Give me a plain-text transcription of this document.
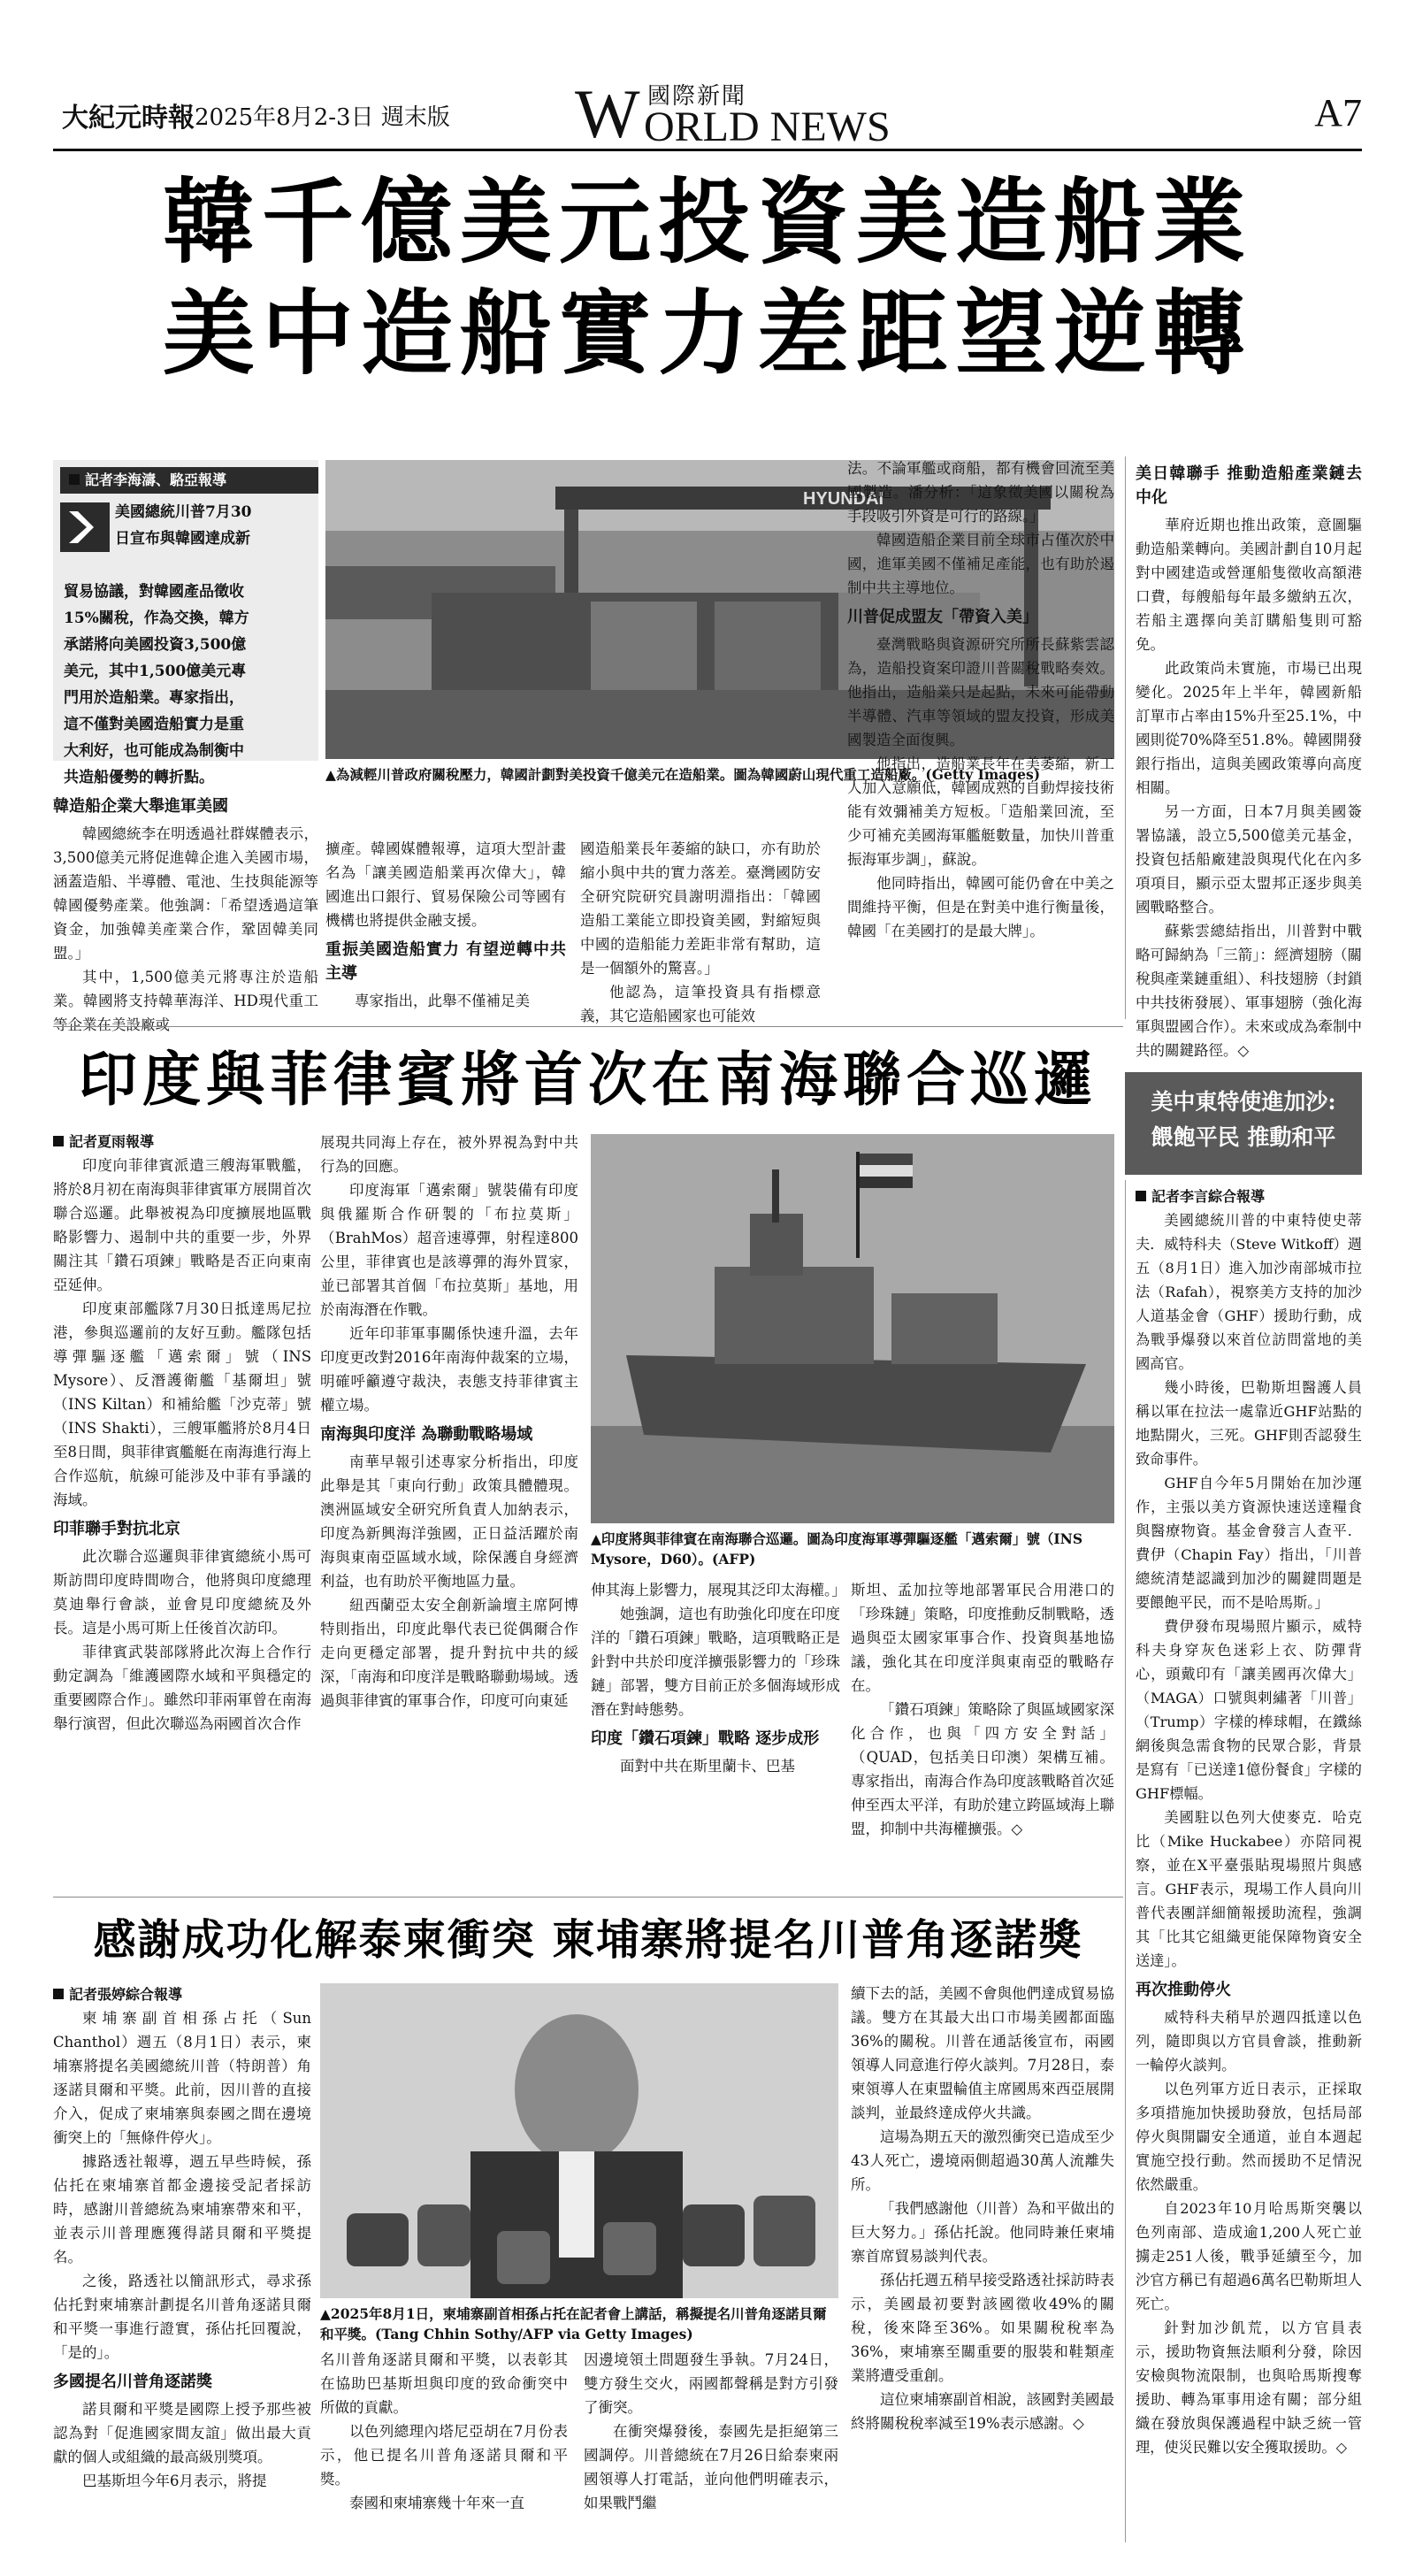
大紀元時報 2025年8月2-3日 週末版 W 國際新聞
ORLD NEWS	A7
韓千億美元投資美造船業
美中造船實力差距望逆轉
記者李海濤、駱亞報導
美國總統川普7月30
日宣布與韓國達成新
貿易協議，對韓國產品徵收
15%關稅，作為交換，韓方
承諾將向美國投資3,500億
美元，其中1,500億美元專
門用於造船業。專家指出，
這不僅對美國造船實力是重
大利好，也可能成為制衡中
共造船優勢的轉折點。
HYUNDAI
▲為減輕川普政府關稅壓力，韓國計劃對美投資千億美元在造船業。圖為韓國蔚山現代重工造船廠。(Getty Images)
韓造船企業大舉進軍美國

韓國總統李在明透過社群媒體表示，3,500億美元將促進韓企進入美國市場，涵蓋造船、半導體、電池、生技與能源等韓國優勢產業。他強調：「希望透過這筆資金，加強韓美產業合作，鞏固韓美同盟。」

其中，1,500億美元將專注於造船業。韓國將支持韓華海洋、HD現代重工等企業在美設廠或

擴產。韓國媒體報導，這項大型計畫名為「讓美國造船業再次偉大」，韓國進出口銀行、貿易保險公司等國有機構也將提供金融支援。

重振美國造船實力 有望逆轉中共主導

專家指出，此舉不僅補足美

國造船業長年萎縮的缺口，亦有助於縮小與中共的實力落差。臺灣國防安全研究院研究員謝明淵指出：「韓國造船工業能立即投資美國，對縮短與中國的造船能力差距非常有幫助，這是一個額外的驚喜。」

他認為，這筆投資具有指標意義，其它造船國家也可能效

法。不論軍艦或商船，都有機會回流至美國製造。潘分析：「這象徵美國以關稅為手段吸引外資是可行的路線。」

韓國造船企業目前全球市占僅次於中國，進軍美國不僅補足產能，也有助於遏制中共主導地位。

川普促成盟友「帶資入美」

臺灣戰略與資源研究所所長蘇紫雲認為，造船投資案印證川普關稅戰略奏效。他指出，造船業只是起點，未來可能帶動半導體、汽車等領域的盟友投資，形成美國製造全面復興。

他指出，造船業長年在美萎縮，新工人加入意願低，韓國成熟的自動焊接技術能有效彌補美方短板。「造船業回流，至少可補充美國海軍艦艇數量，加快川普重振海軍步調」，蘇說。

他同時指出，韓國可能仍會在中美之間維持平衡，但是在對美中進行衡量後，韓國「在美國打的是最大牌」。

美日韓聯手 推動造船產業鏈去中化

華府近期也推出政策，意圖驅動造船業轉向。美國計劃自10月起對中國建造或營運船隻徵收高額港口費，每艘船每年最多繳納五次，若船主選擇向美訂購船隻則可豁免。

此政策尚未實施，市場已出現變化。2025年上半年，韓國新船訂單市占率由15%升至25.1%，中國則從70%降至51.8%。韓國開發銀行指出，這與美國政策導向高度相關。

另一方面，日本7月與美國簽署協議，設立5,500億美元基金，投資包括船廠建設與現代化在內多項項目，顯示亞太盟邦正逐步與美國戰略整合。

蘇紫雲總結指出，川普對中戰略可歸納為「三箭」：經濟翅膀（關稅與產業鏈重組）、科技翅膀（封鎖中共技術發展）、軍事翅膀（強化海軍與盟國合作）。未來或成為牽制中共的關鍵路徑。◇

印度與菲律賓將首次在南海聯合巡邏
記者夏雨報導

印度向菲律賓派遣三艘海軍戰艦，將於8月初在南海與菲律賓軍方展開首次聯合巡邏。此舉被視為印度擴展地區戰略影響力、遏制中共的重要一步，外界關注其「鑽石項鍊」戰略是否正向東南亞延伸。

印度東部艦隊7月30日抵達馬尼拉港，參與巡邏前的友好互動。艦隊包括導彈驅逐艦「邁索爾」號（INS Mysore）、反潛護衛艦「基爾坦」號（INS Kiltan）和補給艦「沙克蒂」號（INS Shakti），三艘軍艦將於8月4日至8日間，與菲律賓艦艇在南海進行海上合作巡航，航線可能涉及中菲有爭議的海域。

印菲聯手對抗北京

此次聯合巡邏與菲律賓總統小馬可斯訪問印度時間吻合，他將與印度總理莫迪舉行會談，並會見印度總統及外長。這是小馬可斯上任後首次訪印。

菲律賓武裝部隊將此次海上合作行動定調為「維護國際水域和平與穩定的重要國際合作」。雖然印菲兩軍曾在南海舉行演習，但此次聯巡為兩國首次合作

展現共同海上存在，被外界視為對中共行為的回應。

印度海軍「邁索爾」號裝備有印度與俄羅斯合作研製的「布拉莫斯」（BrahMos）超音速導彈，射程達800公里，菲律賓也是該導彈的海外買家，並已部署其首個「布拉莫斯」基地，用於南海潛在作戰。

近年印菲軍事關係快速升溫，去年印度更改對2016年南海仲裁案的立場，明確呼籲遵守裁決，表態支持菲律賓主權立場。

南海與印度洋 為聯動戰略場域

南華早報引述專家分析指出，印度此舉是其「東向行動」政策具體體現。澳洲區域安全研究所負責人加納表示，印度為新興海洋強國，正日益活躍於南海與東南亞區域水域，除保護自身經濟利益，也有助於平衡地區力量。

紐西蘭亞太安全創新論壇主席阿博特則指出，印度此舉代表已從偶爾合作走向更穩定部署，提升對抗中共的綏深，「南海和印度洋是戰略聯動場域。透過與菲律賓的軍事合作，印度可向東延

▲印度將與菲律賓在南海聯合巡邏。圖為印度海軍導彈驅逐艦「邁索爾」號（INS Mysore，D60）。(AFP)

伸其海上影響力，展現其泛印太海權。」

她強調，這也有助強化印度在印度洋的「鑽石項鍊」戰略，這項戰略正是針對中共於印度洋擴張影響力的「珍珠鏈」部署，雙方目前正於多個海域形成潛在對峙態勢。

印度「鑽石項鍊」戰略 逐步成形

面對中共在斯里蘭卡、巴基

斯坦、孟加拉等地部署軍民合用港口的「珍珠鏈」策略，印度推動反制戰略，透過與亞太國家軍事合作、投資與基地協議，強化其在印度洋與東南亞的戰略存在。

「鑽石項鍊」策略除了與區域國家深化合作，也與「四方安全對話」（QUAD，包括美日印澳）架構互補。專家指出，南海合作為印度該戰略首次延伸至西太平洋，有助於建立跨區域海上聯盟，抑制中共海權擴張。◇

美中東特使進加沙:
餵飽平民 推動和平
記者李言綜合報導

美國總統川普的中東特使史蒂夫．威特科夫（Steve Witkoff）週五（8月1日）進入加沙南部城市拉法（Rafah），視察美方支持的加沙人道基金會（GHF）援助行動，成為戰爭爆發以來首位訪問當地的美國高官。

幾小時後，巴勒斯坦醫護人員稱以軍在拉法一處靠近GHF站點的地點開火，三死。GHF則否認發生致命事件。

GHF自今年5月開始在加沙運作，主張以美方資源快速送達糧食與醫療物資。基金會發言人查平．費伊（Chapin Fay）指出，「川普總統清楚認識到加沙的關鍵問題是要餵飽平民，而不是哈馬斯。」

費伊發布現場照片顯示，威特科夫身穿灰色迷彩上衣、防彈背心，頭戴印有「讓美國再次偉大」（MAGA）口號與剌繡著「川普」（Trump）字樣的棒球帽，在鐵絲網後與急需食物的民眾合影，背景是寫有「已送達1億份餐食」字樣的GHF標幅。

美國駐以色列大使麥克．哈克比（Mike Huckabee）亦陪同視察，並在X平臺張貼現場照片與感言。GHF表示，現場工作人員向川普代表團詳細簡報援助流程，強調其「比其它組織更能保障物資安全送達」。

再次推動停火

威特科夫稍早於週四抵達以色列，隨即與以方官員會談，推動新一輪停火談判。

以色列軍方近日表示，正採取多項措施加快援助發放，包括局部停火與開闢安全通道，並自本週起實施空投行動。然而援助不足情況依然嚴重。

自2023年10月哈馬斯突襲以色列南部、造成逾1,200人死亡並擄走251人後，戰爭延續至今，加沙官方稱已有超過6萬名巴勒斯坦人死亡。

針對加沙飢荒，以方官員表示，援助物資無法順利分發，除因安檢與物流限制，也與哈馬斯搜奪援助、轉為軍事用途有關；部分組織在發放與保護過程中缺乏統一管理，使災民難以安全獲取援助。◇

感謝成功化解泰柬衝突 柬埔寨將提名川普角逐諾獎
記者張婷綜合報導

柬埔寨副首相孫占托（Sun Chanthol）週五（8月1日）表示，柬埔寨將提名美國總統川普（特朗普）角逐諾貝爾和平獎。此前，因川普的直接介入，促成了柬埔寨與泰國之間在邊境衝突上的「無條件停火」。

據路透社報導，週五早些時候，孫佔托在柬埔寨首都金邊接受記者採訪時，感謝川普總統為柬埔寨帶來和平，並表示川普理應獲得諾貝爾和平獎提名。

之後，路透社以簡訊形式，尋求孫佔托對柬埔寨計劃提名川普角逐諾貝爾和平獎一事進行證實，孫佔托回覆說，「是的」。

多國提名川普角逐諾獎

諾貝爾和平獎是國際上授予那些被認為對「促進國家間友誼」做出最大貢獻的個人或組織的最高級別獎項。

巴基斯坦今年6月表示，將提

▲2025年8月1日，柬埔寨副首相孫占托在記者會上講話，稱擬提名川普角逐諾貝爾和平獎。(Tang Chhin Sothy/AFP via Getty Images)

名川普角逐諾貝爾和平獎，以表彰其在協助巴基斯坦與印度的致命衝突中所做的貢獻。

以色列總理內塔尼亞胡在7月份表示，他已提名川普角逐諾貝爾和平獎。

泰國和柬埔寨幾十年來一直

因邊境領土問題發生爭執。7月24日，雙方發生交火，兩國都聲稱是對方引發了衝突。

在衝突爆發後，泰國先是拒絕第三國調停。川普總統在7月26日給泰柬兩國領導人打電話，並向他們明確表示，如果戰鬥繼

續下去的話，美國不會與他們達成貿易協議。雙方在其最大出口市場美國都面臨36%的關稅。川普在通話後宣布，兩國領導人同意進行停火談判。7月28日，泰柬領導人在東盟輪值主席國馬來西亞展開談判，並最終達成停火共識。

這場為期五天的激烈衝突已造成至少43人死亡，邊境兩側超過30萬人流離失所。

「我們感謝他（川普）為和平做出的巨大努力。」孫佔托說。他同時兼任柬埔寨首席貿易談判代表。

孫佔托週五稍早接受路透社採訪時表示，美國最初要對該國徵收49%的關稅，後來降至36%。如果關稅稅率為36%，柬埔寨至關重要的服裝和鞋類產業將遭受重創。

這位柬埔寨副首相說，該國對美國最終將關稅稅率減至19%表示感謝。◇
